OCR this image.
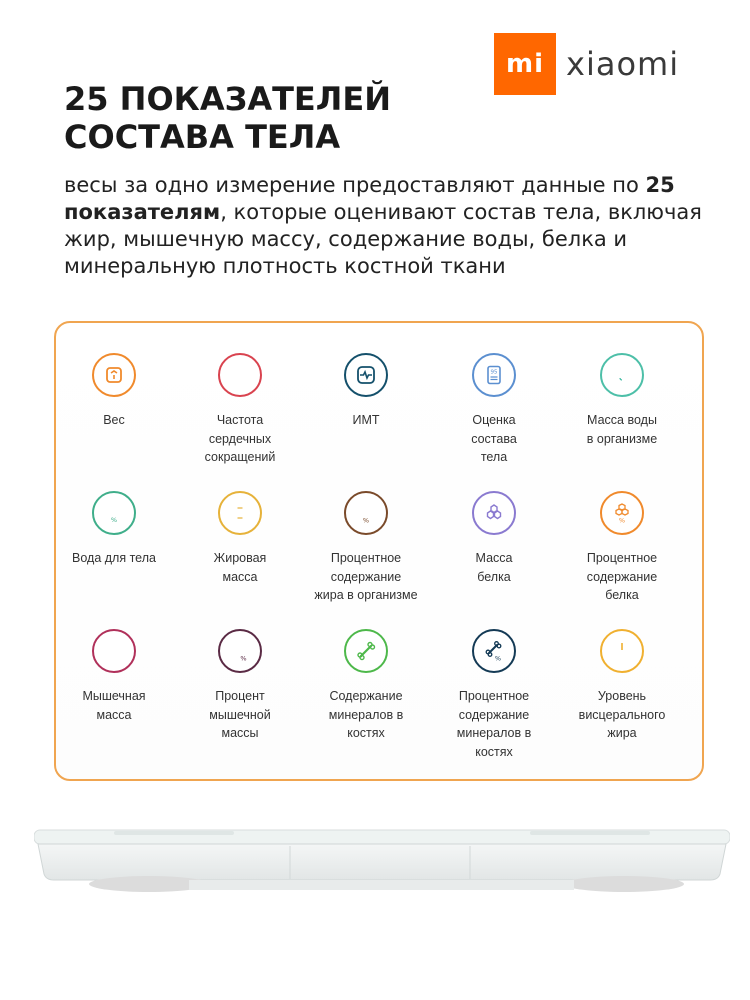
mi xiaomi
25 ПОКАЗАТЕЛЕЙ СОСТАВА ТЕЛА

весы за одно измерение предоставляют данные по 25 показателям, которые оценивают состав тела, включая жир, мышечную массу, содержание воды, белка и минеральную плотность костной ткани

Вес	Частота
сердечных
сокращений
ИМТ
95
Оценка
состава
тела
Масса воды
в организме
%
Вода для тела	Жировая
масса
%
Процентное
содержание
жира в организме
Масса
белка
%
Процентное
содержание
белка
Мышечная
масса
%
Процент
мышечной
массы
Содержание
минералов в
костях
%
Процентное
содержание
минералов в
костях
Уровень
висцерального
жира
